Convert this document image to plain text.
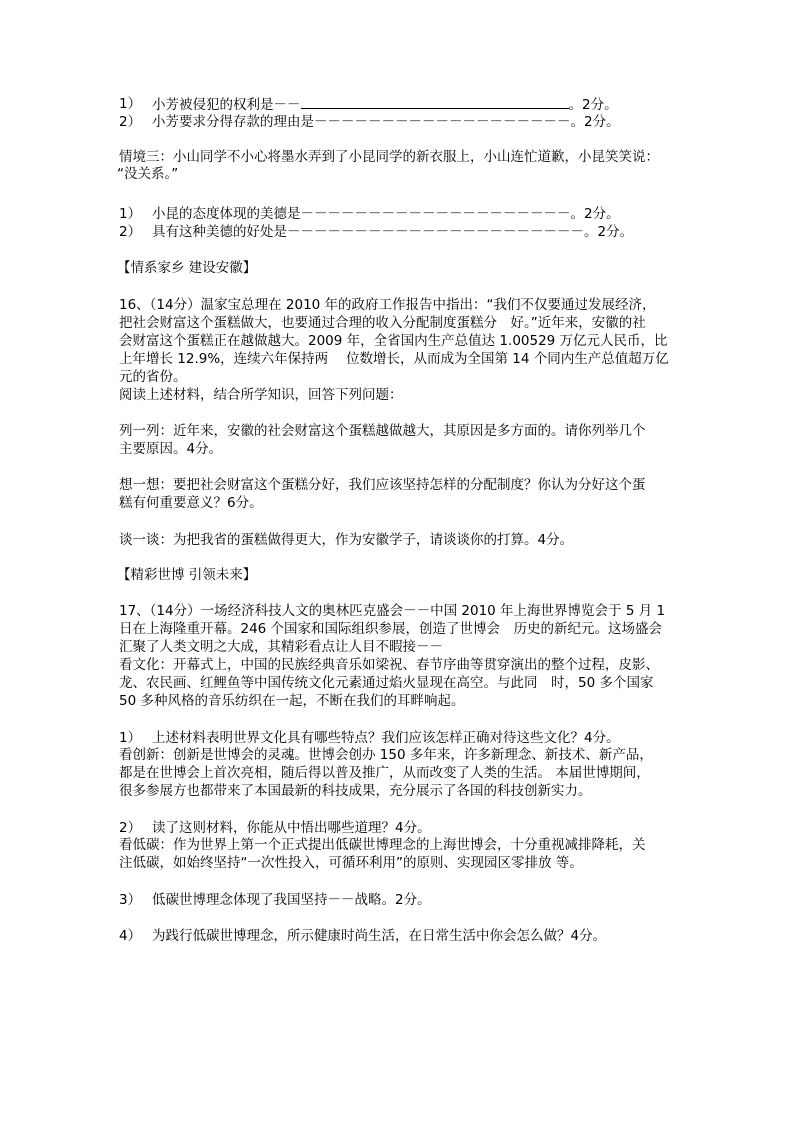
1） 小芳被侵犯的权利是－－	。2分。
2） 小芳要求分得存款的理由是－－－－－－－－－－－－－－－－－－－。2分。
情境三：小山同学不小心将墨水弄到了小昆同学的新衣服上，小山连忙道歉，小昆笑笑说：
“没关系。”
1） 小昆的态度体现的美德是－－－－－－－－－－－－－－－－－－－－。2分。
2） 具有这种美德的好处是－－－－－－－－－－－－－－－－－－－－－－。2分。
【情系家乡 建设安徽】
16、（14分）温家宝总理在 2010 年的政府工作报告中指出：“我们不仅要通过发展经济，
把社会财富这个蛋糕做大，也要通过合理的收入分配制度蛋糕分　好。”近年来，安徽的社
会财富这个蛋糕正在越做越大。2009 年，全省国内生产总值达 1.00529 万亿元人民币，比
上年增长 12.9%，连续六年保持两　 位数增长，从而成为全国第 14 个同内生产总值超万亿
元的省份。
阅读上述材料，结合所学知识，回答下列问题：
列一列：近年来，安徽的社会财富这个蛋糕越做越大，其原因是多方面的。请你列举几个
主要原因。4分。
想一想：要把社会财富这个蛋糕分好，我们应该坚持怎样的分配制度？你认为分好这个蛋
糕有何重要意义？6分。
谈一谈：为把我省的蛋糕做得更大，作为安徽学子，请谈谈你的打算。4分。
【精彩世博 引领未来】
17、（14分）一场经济科技人文的奥林匹克盛会－－中国 2010 年上海世界博览会于 5 月 1
日在上海隆重开幕。246 个国家和国际组织参展，创造了世博会　历史的新纪元。这场盛会
汇聚了人类文明之大成，其精彩看点让人目不暇接－－
看文化：开幕式上，中国的民族经典音乐如梁祝、春节序曲等贯穿演出的整个过程，皮影、
龙、农民画、红鲤鱼等中国传统文化元素通过焰火显现在高空。与此同　时，50 多个国家
50 多种风格的音乐纺织在一起，不断在我们的耳畔响起。
1） 上述材料表明世界文化具有哪些特点？我们应该怎样正确对待这些文化？4分。
看创新：创新是世博会的灵魂。世博会创办 150 多年来，许多新理念、新技术、新产品，
都是在世博会上首次亮相，随后得以普及推广，从而改变了人类的生活。 本届世博期间，
很多参展方也都带来了本国最新的科技成果，充分展示了各国的科技创新实力。
2） 读了这则材料，你能从中悟出哪些道理？4分。
看低碳：作为世界上第一个正式提出低碳世博理念的上海世博会，十分重视减排降耗，关
注低碳，如始终坚持“一次性投入，可循环利用”的原则、实现园区零排放 等。
3） 低碳世博理念体现了我国坚持－－战略。2分。
4） 为践行低碳世博理念，所示健康时尚生活，在日常生活中你会怎么做？4分。
